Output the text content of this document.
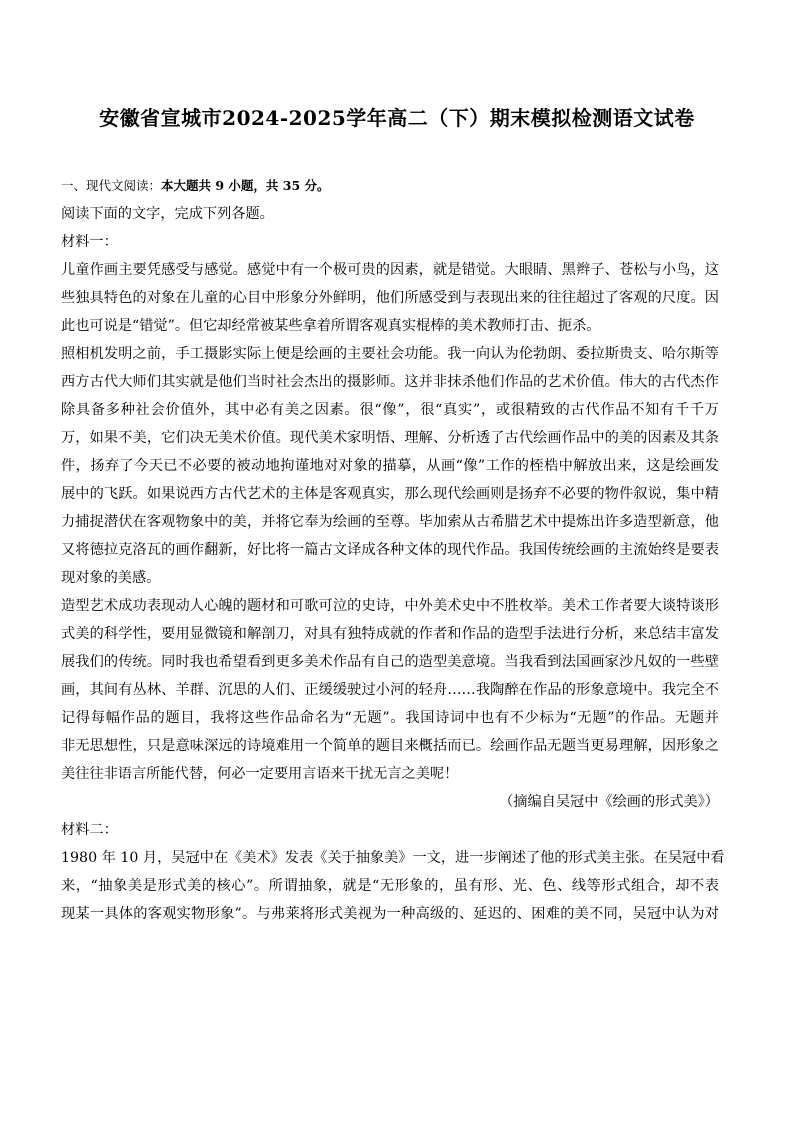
安徽省宣城市2024-2025学年高二（下）期末模拟检测语文试卷
一、现代文阅读：本大题共 9 小题，共 35 分。
阅读下面的文字，完成下列各题。
材料一：
儿童作画主要凭感受与感觉。感觉中有一个极可贵的因素，就是错觉。大眼睛、黑辫子、苍松与小鸟，这
些独具特色的对象在儿童的心目中形象分外鲜明，他们所感受到与表现出来的往往超过了客观的尺度。因
此也可说是“错觉”。但它却经常被某些拿着所谓客观真实棍棒的美术教师打击、扼杀。
照相机发明之前，手工摄影实际上便是绘画的主要社会功能。我一向认为伦勃朗、委拉斯贵支、哈尔斯等
西方古代大师们其实就是他们当时社会杰出的摄影师。这并非抹杀他们作品的艺术价值。伟大的古代杰作
除具备多种社会价值外，其中必有美之因素。很“像”，很“真实”，或很精致的古代作品不知有千千万
万，如果不美，它们决无美术价值。现代美术家明悟、理解、分析透了古代绘画作品中的美的因素及其条
件，扬弃了今天已不必要的被动地拘谨地对对象的描摹，从画“像”工作的桎梏中解放出来，这是绘画发
展中的飞跃。如果说西方古代艺术的主体是客观真实，那么现代绘画则是扬弃不必要的物件叙说，集中精
力捕捉潜伏在客观物象中的美，并将它奉为绘画的至尊。毕加索从古希腊艺术中提炼出许多造型新意，他
又将德拉克洛瓦的画作翻新，好比将一篇古文译成各种文体的现代作品。我国传统绘画的主流始终是要表
现对象的美感。
造型艺术成功表现动人心魄的题材和可歌可泣的史诗，中外美术史中不胜枚举。美术工作者要大谈特谈形
式美的科学性，要用显微镜和解剖刀，对具有独特成就的作者和作品的造型手法进行分析，来总结丰富发
展我们的传统。同时我也希望看到更多美术作品有自己的造型美意境。当我看到法国画家沙凡奴的一些壁
画，其间有丛林、羊群、沉思的人们、正缓缓驶过小河的轻舟……我陶醉在作品的形象意境中。我完全不
记得每幅作品的题目，我将这些作品命名为“无题”。我国诗词中也有不少标为“无题”的作品。无题并
非无思想性，只是意味深远的诗境难用一个简单的题目来概括而已。绘画作品无题当更易理解，因形象之
美往往非语言所能代替，何必一定要用言语来干扰无言之美呢！
（摘编自吴冠中《绘画的形式美》）
材料二：
1980 年 10 月，吴冠中在《美术》发表《关于抽象美》一文，进一步阐述了他的形式美主张。在吴冠中看
来，“抽象美是形式美的核心”。所谓抽象，就是“无形象的，虽有形、光、色、线等形式组合，却不表
现某一具体的客观实物形象”。与弗莱将形式美视为一种高级的、延迟的、困难的美不同，吴冠中认为对
